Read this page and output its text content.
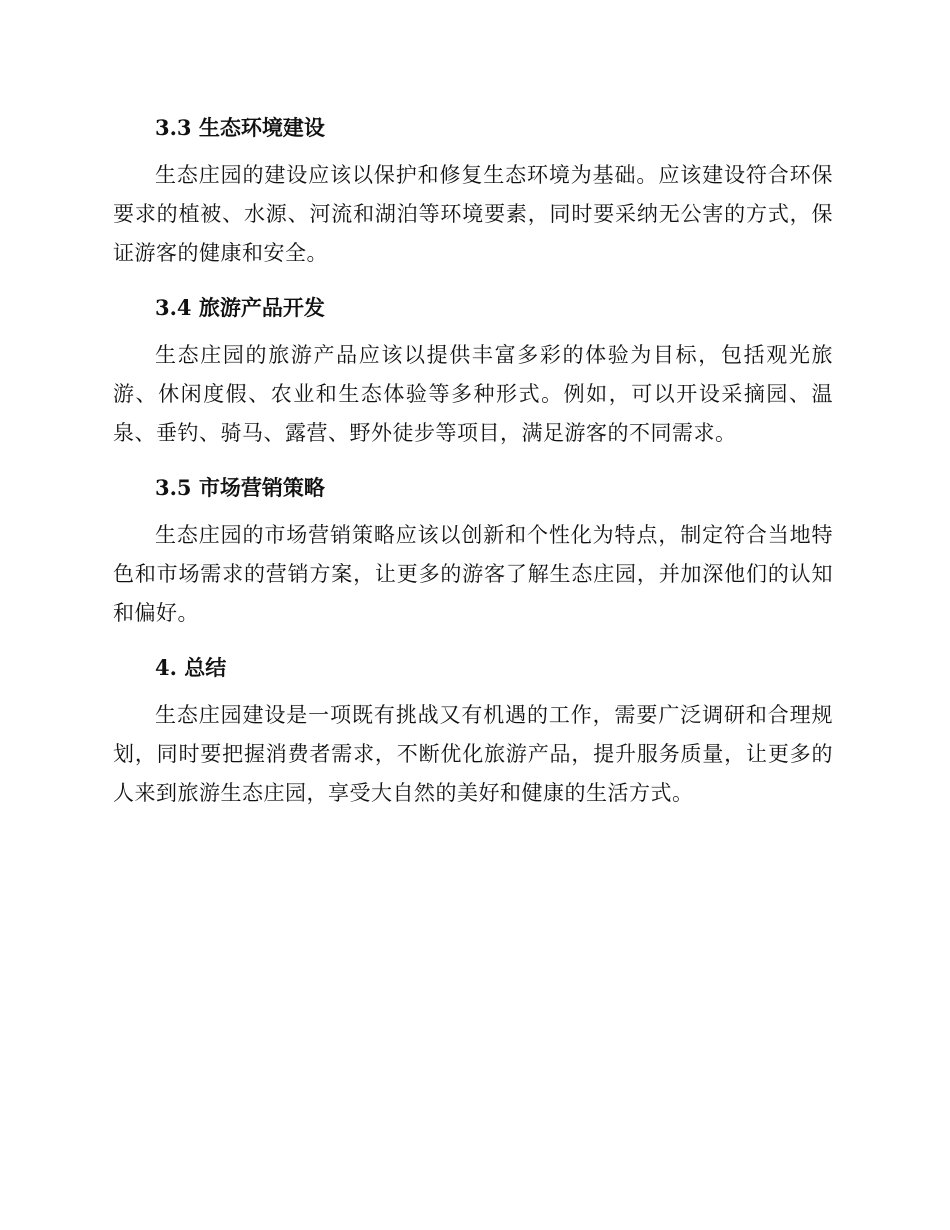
3.3 生态环境建设

生态庄园的建设应该以保护和修复生态环境为基础。应该建设符合环保要求的植被、水源、河流和湖泊等环境要素，同时要采纳无公害的方式，保证游客的健康和安全。

3.4 旅游产品开发

生态庄园的旅游产品应该以提供丰富多彩的体验为目标，包括观光旅游、休闲度假、农业和生态体验等多种形式。例如，可以开设采摘园、温泉、垂钓、骑马、露营、野外徒步等项目，满足游客的不同需求。

3.5 市场营销策略

生态庄园的市场营销策略应该以创新和个性化为特点，制定符合当地特色和市场需求的营销方案，让更多的游客了解生态庄园，并加深他们的认知和偏好。

4. 总结

生态庄园建设是一项既有挑战又有机遇的工作，需要广泛调研和合理规划，同时要把握消费者需求，不断优化旅游产品，提升服务质量，让更多的人来到旅游生态庄园，享受大自然的美好和健康的生活方式。
